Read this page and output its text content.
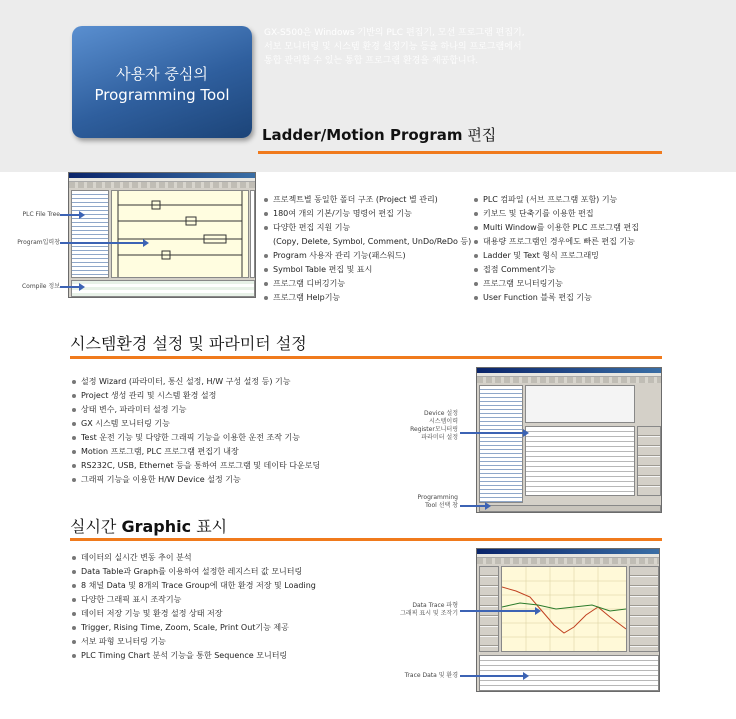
사용자 중심의
Programming Tool
GX-S500은 Windows 기반의 PLC 편집기, 모션 프로그램 편집기,
서보 모니터링 및 시스템 환경 설정기능 등을 하나의 프로그램에서
통합 관리할 수 있는 통합 프로그램 환경을 제공합니다.
Ladder/Motion Program 편집
PLC File Tree
Program입력창
Compile 정보
프로젝트별 동일한 폴더 구조 (Project 별 관리)
180여 개의 기본/기능 명령어 편집 기능
다양한 편집 지원 기능
(Copy, Delete, Symbol, Comment, UnDo/ReDo 등)
Program 사용자 관리 기능(패스워드)
Symbol Table 편집 및 표시
프로그램 디버깅기능
프로그램 Help기능
PLC 컴파일 (서브 프로그램 포함) 기능
키보드 및 단축기를 이용한 편집
Multi Window를 이용한 PLC 프로그램 편집
대용량 프로그램인 경우에도 빠른 편집 기능
Ladder 및 Text 형식 프로그래밍
접점 Comment기능
프로그램 모니터링기능
User Function 블록 편집 기능
시스템환경 설정 및 파라미터 설정
설정 Wizard (파라미터, 통신 설정, H/W 구성 설정 등) 기능
Project 생성 관리 및 시스템 환경 설정
상태 변수, 파라미터 설정 기능
GX 시스템 모니터링 기능
Test 운전 기능 및 다양한 그래픽 기능을 이용한 운전 조작 기능
Motion 프로그램, PLC 프로그램 편집기 내장
RS232C, USB, Ethernet 등을 통하여 프로그램 및 데이타 다운로딩
그래픽 기능을 이용한 H/W Device 설정 기능
Device 설정
시스템이력
Register모니터링
파라미터 설정
Programming
Tool 선택 창
실시간 Graphic 표시
데이터의 실시간 변동 추이 분석
Data Table과 Graph를 이용하여 설정한 레지스터 값 모니터링
8 채널 Data 및 8개의 Trace Group에 대한 환경 저장 및 Loading
다양한 그래픽 표시 조작기능
데이터 저장 기능 및 환경 설정 상태 저장
Trigger, Rising Time, Zoom, Scale, Print Out기능 제공
서보 파형 모니터링 기능
PLC Timing Chart 분석 기능을 통한 Sequence 모니터링
Data Trace 파형
그래픽 표시 및 조작기
Trace Data 및 환경
